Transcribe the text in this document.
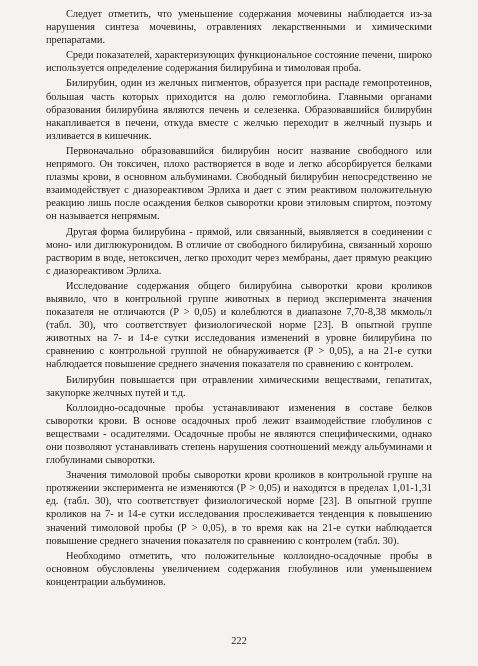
Следует отметить, что уменьшение содержания мочевины наблюдается из-за нарушения синтеза мочевины, отравлениях лекарственными и химическими препаратами.

Среди показателей, характеризующих функциональное состояние печени, широко используется определение содержания билирубина и тимоловая проба.

Билирубин, один из желчных пигментов, образуется при распаде гемопротеинов, большая часть которых приходится на долю гемоглобина. Главными органами образования билирубина являются печень и селезенка. Образовавшийся билирубин накапливается в печени, откуда вместе с желчью переходит в желчный пузырь и изливается в кишечник.

Первоначально образовавшийся билирубин носит название свободного или непрямого. Он токсичен, плохо растворяется в воде и легко абсорбируется белками плазмы крови, в основном альбуминами. Свободный билирубин непосредственно не взаимодействует с диазореактивом Эрлиха и дает с этим реактивом положительную реакцию лишь после осаждения белков сыворотки крови этиловым спиртом, поэтому он называется непрямым.

Другая форма билирубина - прямой, или связанный, выявляется в соединении с моно- или диглюкуронидом. В отличие от свободного билирубина, связанный хорошо растворим в воде, нетоксичен, легко проходит через мембраны, дает прямую реакцию с диазореактивом Эрлиха.

Исследование содержания общего билирубина сыворотки крови кроликов выявило, что в контрольной группе животных в период эксперимента значения показателя не отличаются (Р > 0,05) и колеблются в диапазоне 7,70-8,38 мкмоль/л (табл. 30), что соответствует физиологической норме [23]. В опытной группе животных на 7- и 14-е сутки исследования изменений в уровне билирубина по сравнению с контрольной группой не обнаруживается (Р > 0,05), а на 21-е сутки наблюдается повышение среднего значения показателя по сравнению с контролем.

Билирубин повышается при отравлении химическими веществами, гепатитах, закупорке желчных путей и т.д.

Коллоидно-осадочные пробы устанавливают изменения в составе белков сыворотки крови. В основе осадочных проб лежит взаимодействие глобулинов с веществами - осадителями. Осадочные пробы не являются специфическими, однако они позволяют устанавливать степень нарушения соотношений между альбуминами и глобулинами сыворотки.

Значения тимоловой пробы сыворотки крови кроликов в контрольной группе на протяжении эксперимента не изменяются (Р > 0,05) и находятся в пределах 1,01-1,31 ед. (табл. 30), что соответствует физиологической норме [23]. В опытной группе кроликов на 7- и 14-е сутки исследования прослеживается тенденция к повышению значений тимоловой пробы (Р > 0,05), в то время как на 21-е сутки наблюдается повышение среднего значения показателя по сравнению с контролем (табл. 30).

Необходимо отметить, что положительные коллоидно-осадочные пробы в основном обусловлены увеличением содержания глобулинов или уменьшением концентрации альбуминов.

222
